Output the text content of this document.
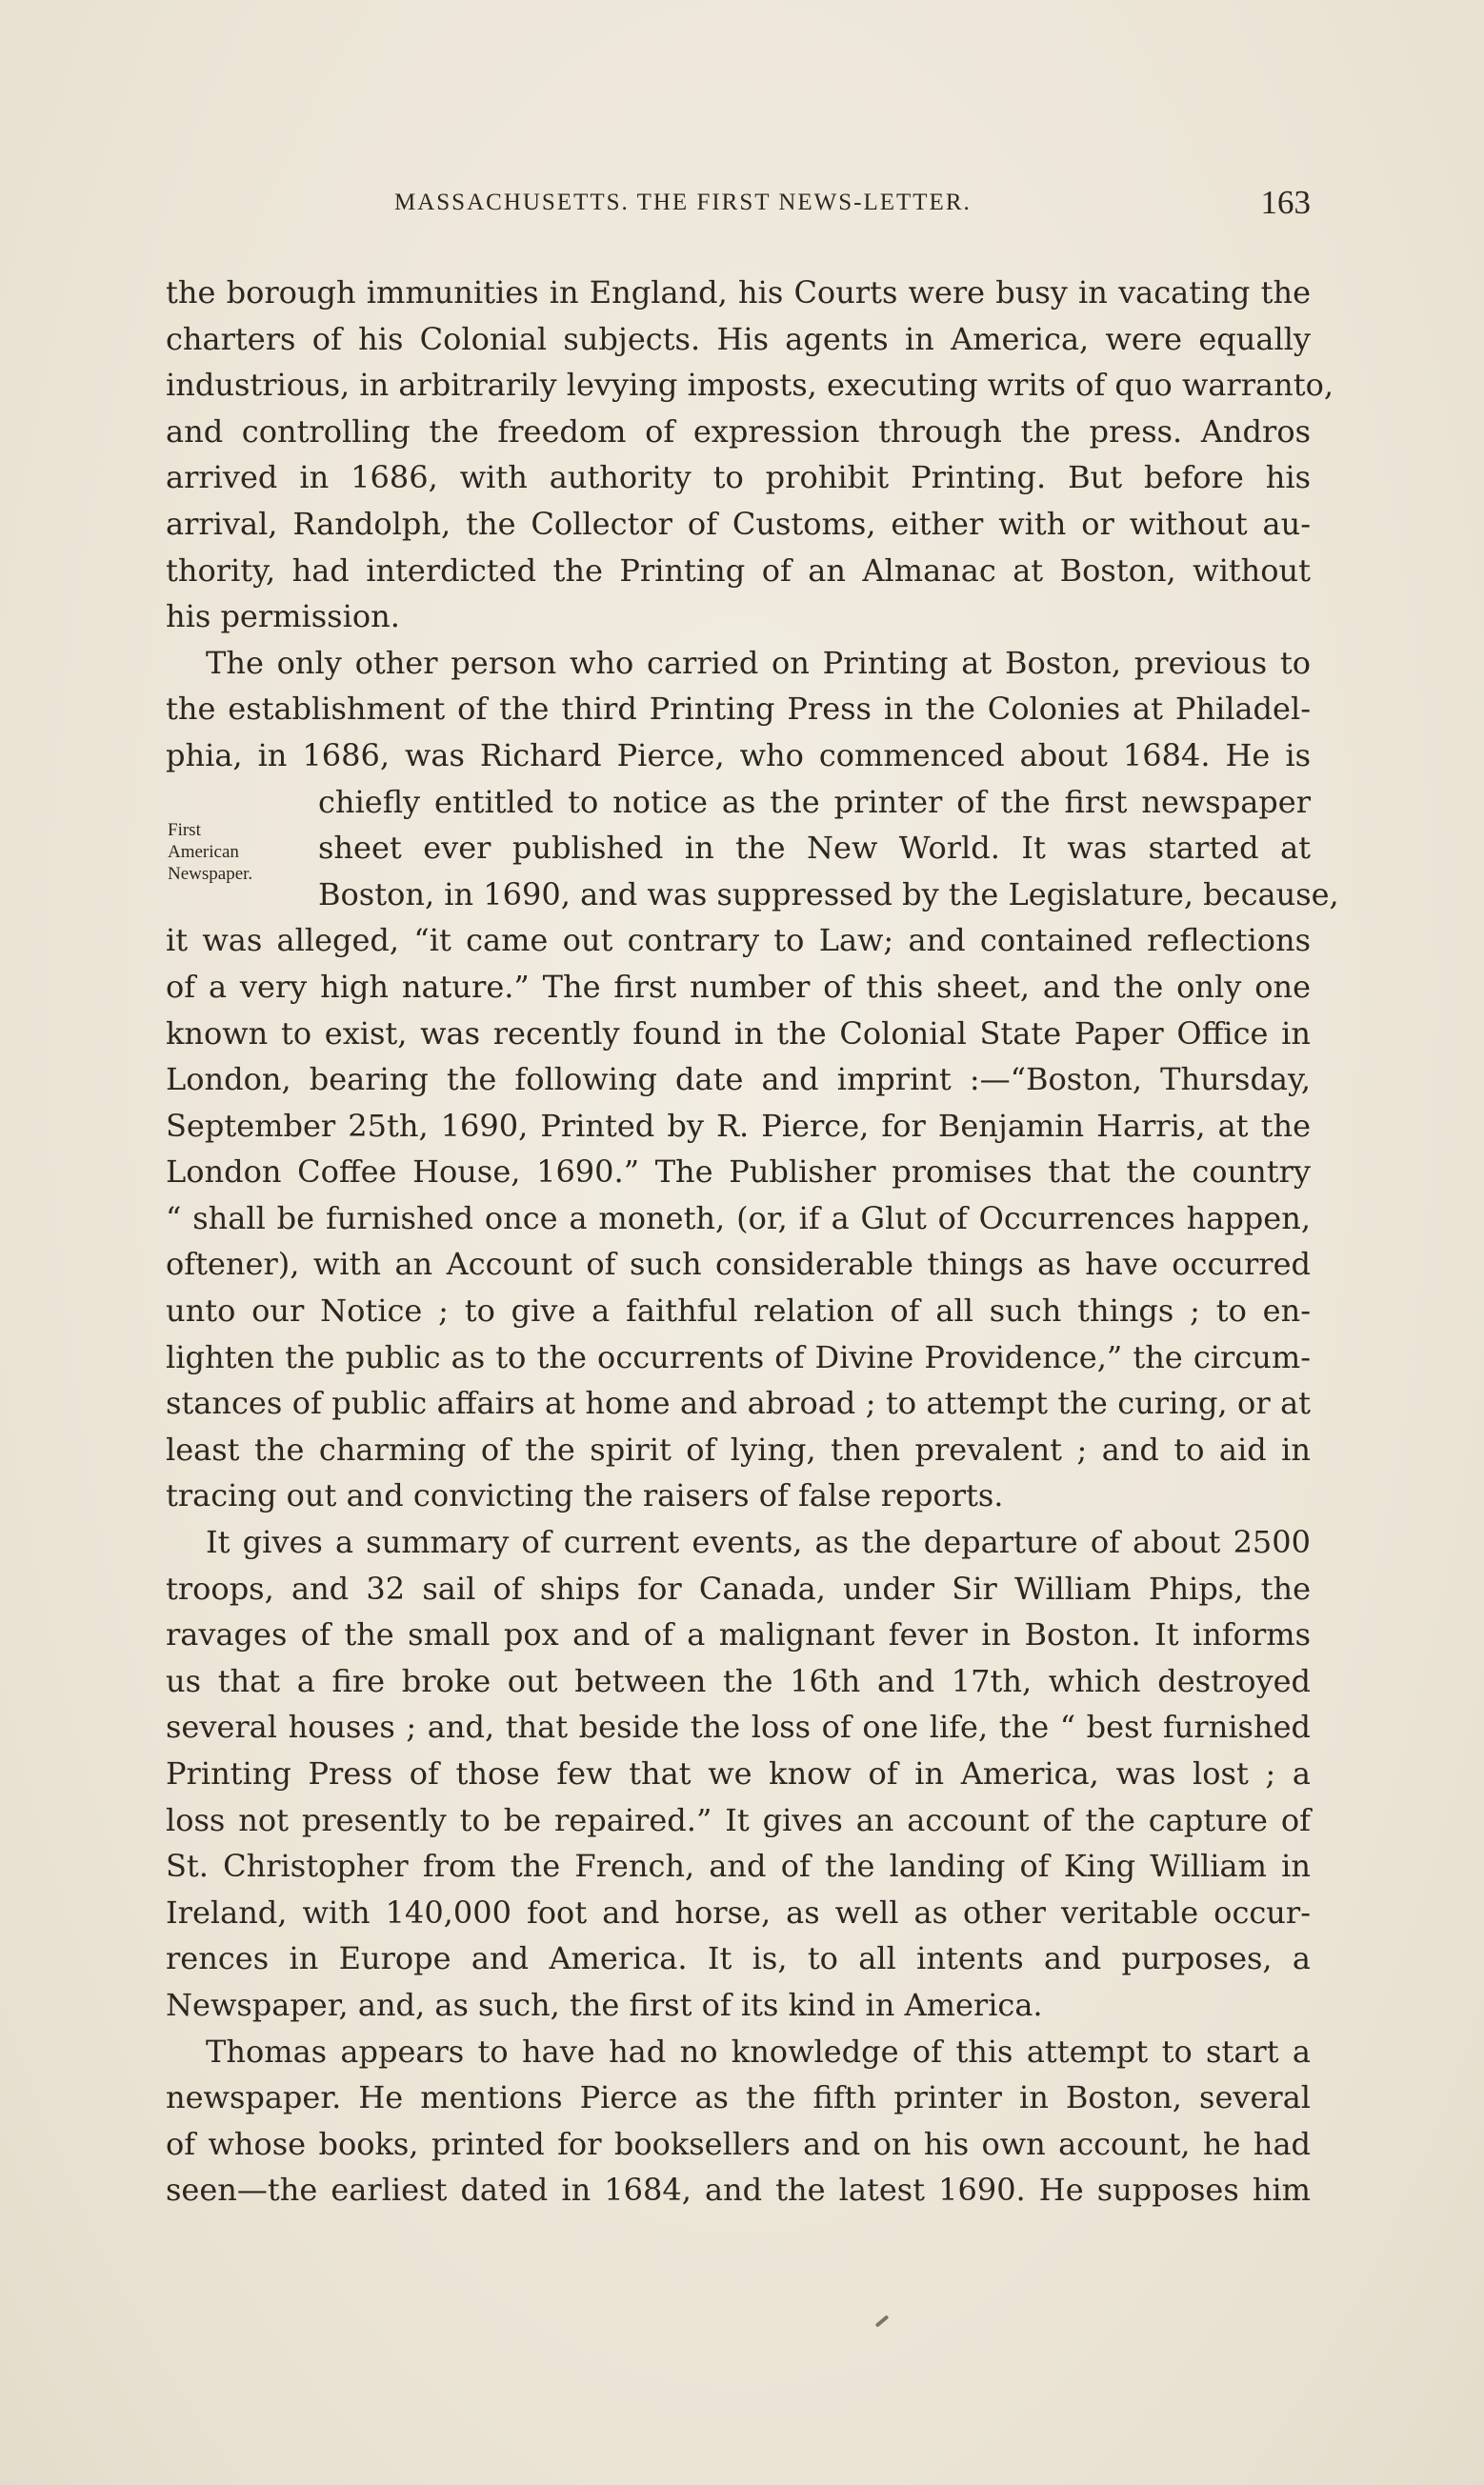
MASSACHUSETTS. THE FIRST NEWS-LETTER.	163
First
American
Newspaper.
the borough immunities in England, his Courts were busy in vacating the
charters of his Colonial subjects. His agents in America, were equally
industrious, in arbitrarily levying imposts, executing writs of quo warranto,
and controlling the freedom of expression through the press. Andros
arrived in 1686, with authority to prohibit Printing. But before his
arrival, Randolph, the Collector of Customs, either with or without au-
thority, had interdicted the Printing of an Almanac at Boston, without
his permission.
The only other person who carried on Printing at Boston, previous to
the establishment of the third Printing Press in the Colonies at Philadel-
phia, in 1686, was Richard Pierce, who commenced about 1684. He is
chiefly entitled to notice as the printer of the first newspaper
sheet ever published in the New World. It was started at
Boston, in 1690, and was suppressed by the Legislature, because,
it was alleged, “it came out contrary to Law; and contained reflections
of a very high nature.” The first number of this sheet, and the only one
known to exist, was recently found in the Colonial State Paper Office in
London, bearing the following date and imprint :—“Boston, Thursday,
September 25th, 1690, Printed by R. Pierce, for Benjamin Harris, at the
London Coffee House, 1690.” The Publisher promises that the country
“ shall be furnished once a moneth, (or, if a Glut of Occurrences happen,
oftener), with an Account of such considerable things as have occurred
unto our Notice ; to give a faithful relation of all such things ; to en-
lighten the public as to the occurrents of Divine Providence,” the circum-
stances of public affairs at home and abroad ; to attempt the curing, or at
least the charming of the spirit of lying, then prevalent ; and to aid in
tracing out and convicting the raisers of false reports.
It gives a summary of current events, as the departure of about 2500
troops, and 32 sail of ships for Canada, under Sir William Phips, the
ravages of the small pox and of a malignant fever in Boston. It informs
us that a fire broke out between the 16th and 17th, which destroyed
several houses ; and, that beside the loss of one life, the “ best furnished
Printing Press of those few that we know of in America, was lost ; a
loss not presently to be repaired.” It gives an account of the capture of
St. Christopher from the French, and of the landing of King William in
Ireland, with 140,000 foot and horse, as well as other veritable occur-
rences in Europe and America. It is, to all intents and purposes, a
Newspaper, and, as such, the first of its kind in America.
Thomas appears to have had no knowledge of this attempt to start a
newspaper. He mentions Pierce as the fifth printer in Boston, several
of whose books, printed for booksellers and on his own account, he had
seen—the earliest dated in 1684, and the latest 1690. He supposes him
